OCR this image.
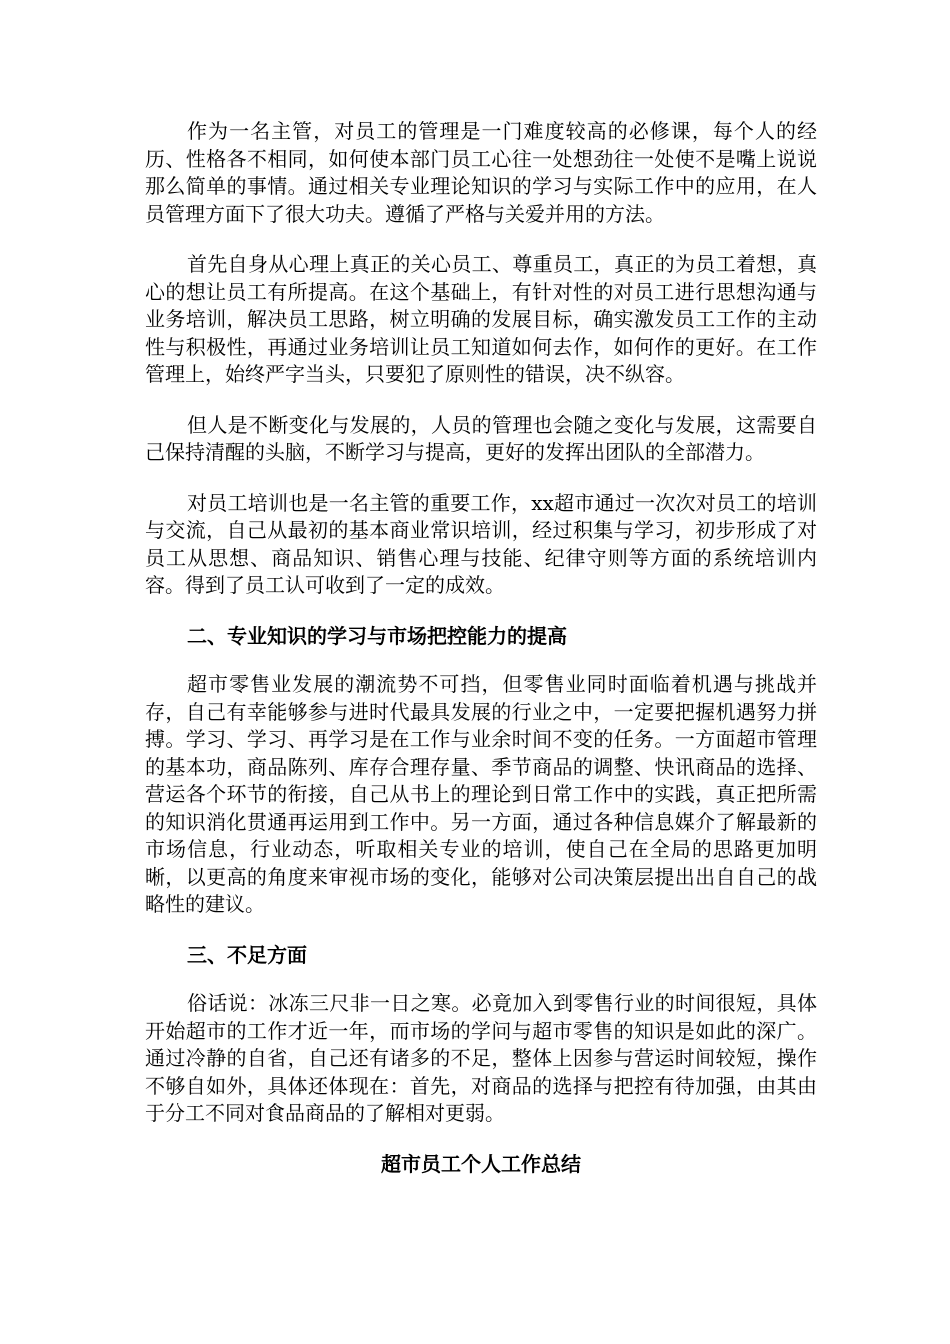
作为一名主管，对员工的管理是一门难度较高的必修课，每个人的经历、性格各不相同，如何使本部门员工心往一处想劲往一处使不是嘴上说说那么简单的事情。通过相关专业理论知识的学习与实际工作中的应用，在人员管理方面下了很大功夫。遵循了严格与关爱并用的方法。

首先自身从心理上真正的关心员工、尊重员工，真正的为员工着想，真心的想让员工有所提高。在这个基础上，有针对性的对员工进行思想沟通与业务培训，解决员工思路，树立明确的发展目标，确实激发员工工作的主动性与积极性，再通过业务培训让员工知道如何去作，如何作的更好。在工作管理上，始终严字当头，只要犯了原则性的错误，决不纵容。

但人是不断变化与发展的，人员的管理也会随之变化与发展，这需要自己保持清醒的头脑，不断学习与提高，更好的发挥出团队的全部潜力。

对员工培训也是一名主管的重要工作，xx超市通过一次次对员工的培训与交流，自己从最初的基本商业常识培训，经过积集与学习，初步形成了对员工从思想、商品知识、销售心理与技能、纪律守则等方面的系统培训内容。得到了员工认可收到了一定的成效。

二、专业知识的学习与市场把控能力的提高

超市零售业发展的潮流势不可挡，但零售业同时面临着机遇与挑战并存，自己有幸能够参与进时代最具发展的行业之中，一定要把握机遇努力拼搏。学习、学习、再学习是在工作与业余时间不变的任务。一方面超市管理的基本功，商品陈列、库存合理存量、季节商品的调整、快讯商品的选择、营运各个环节的衔接，自己从书上的理论到日常工作中的实践，真正把所需的知识消化贯通再运用到工作中。另一方面，通过各种信息媒介了解最新的市场信息，行业动态，听取相关专业的培训，使自己在全局的思路更加明晰，以更高的角度来审视市场的变化，能够对公司决策层提出出自自己的战略性的建议。

三、不足方面

俗话说：冰冻三尺非一日之寒。必竟加入到零售行业的时间很短，具体开始超市的工作才近一年，而市场的学问与超市零售的知识是如此的深广。通过冷静的自省，自己还有诸多的不足，整体上因参与营运时间较短，操作不够自如外，具体还体现在：首先，对商品的选择与把控有待加强，由其由于分工不同对食品商品的了解相对更弱。

超市员工个人工作总结
